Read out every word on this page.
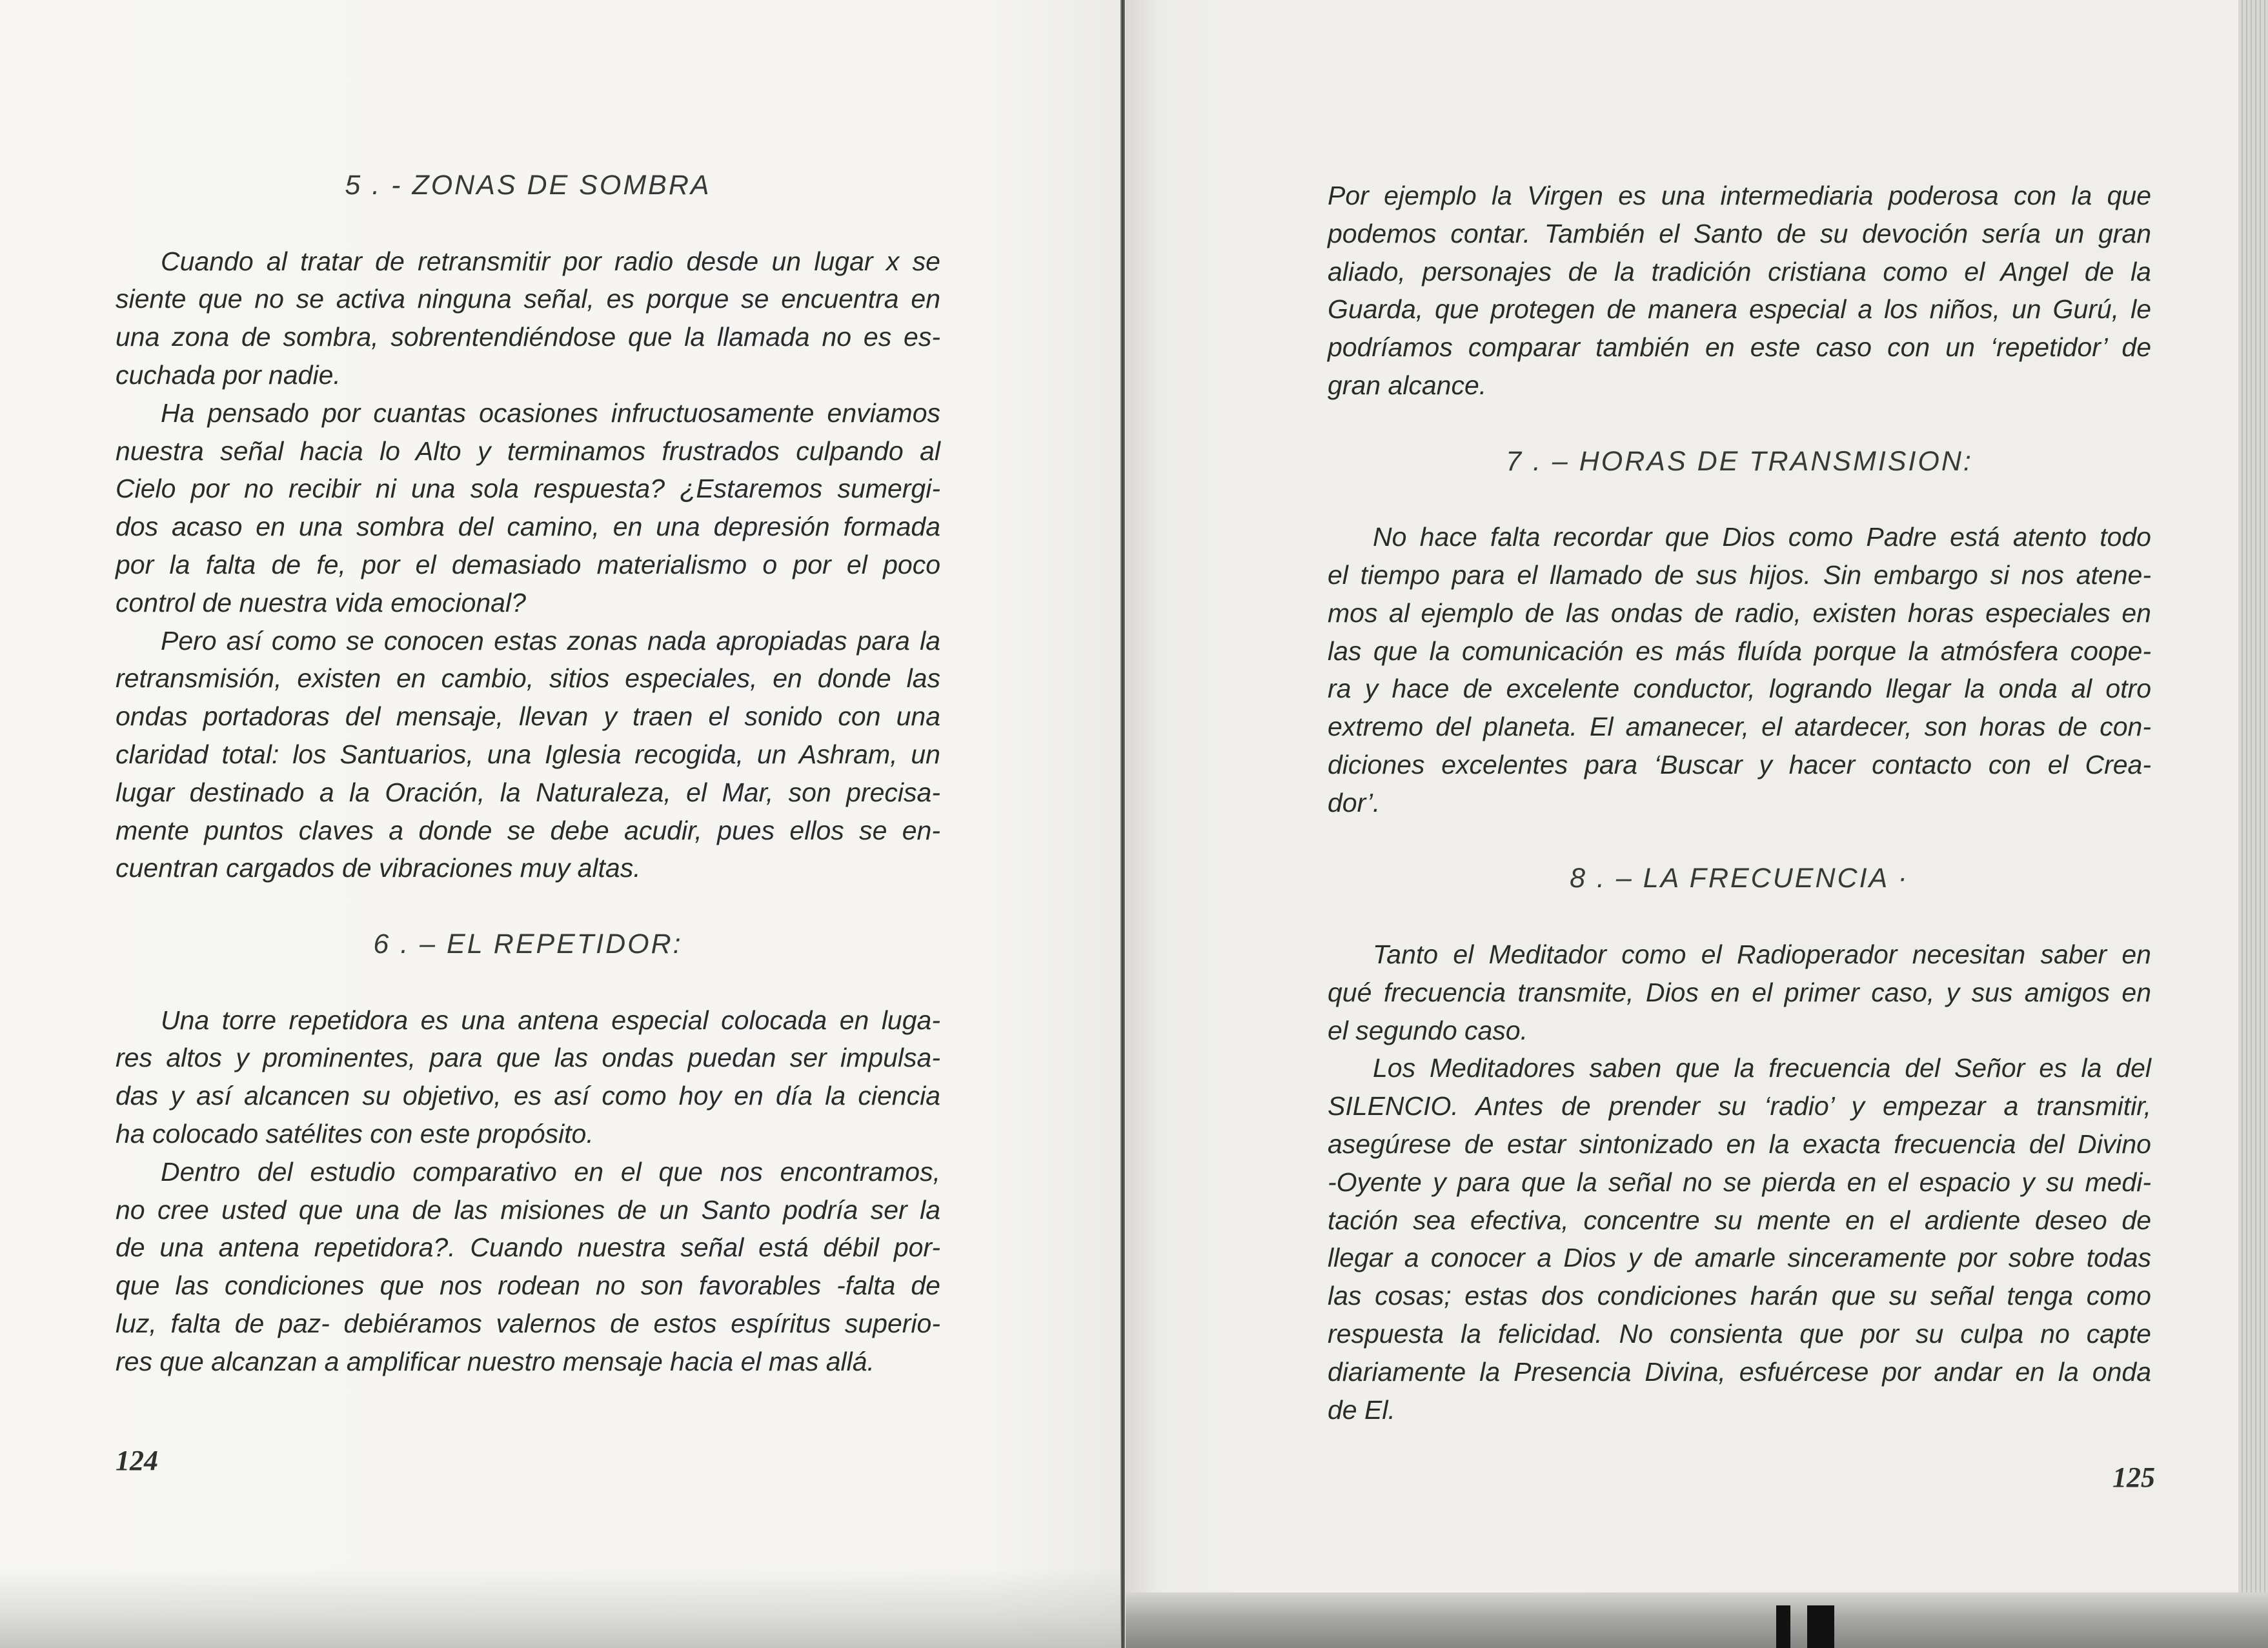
5 . - ZONAS DE SOMBRA
Cuando al tratar de retransmitir por radio desde un lugar x se
siente que no se activa ninguna señal, es porque se encuentra en
una zona de sombra, sobrentendiéndose que la llamada no es es-
cuchada por nadie.
Ha pensado por cuantas ocasiones infructuosamente enviamos
nuestra señal hacia lo Alto y terminamos frustrados culpando al
Cielo por no recibir ni una sola respuesta? ¿Estaremos sumergi-
dos acaso en una sombra del camino, en una depresión formada
por la falta de fe, por el demasiado materialismo o por el poco
control de nuestra vida emocional?
Pero así como se conocen estas zonas nada apropiadas para la
retransmisión, existen en cambio, sitios especiales, en donde las
ondas portadoras del mensaje, llevan y traen el sonido con una
claridad total: los Santuarios, una Iglesia recogida, un Ashram, un
lugar destinado a la Oración, la Naturaleza, el Mar, son precisa-
mente puntos claves a donde se debe acudir, pues ellos se en-
cuentran cargados de vibraciones muy altas.
6 . – EL REPETIDOR:
Una torre repetidora es una antena especial colocada en luga-
res altos y prominentes, para que las ondas puedan ser impulsa-
das y así alcancen su objetivo, es así como hoy en día la ciencia
ha colocado satélites con este propósito.
Dentro del estudio comparativo en el que nos encontramos,
no cree usted que una de las misiones de un Santo podría ser la
de una antena repetidora?. Cuando nuestra señal está débil por-
que las condiciones que nos rodean no son favorables -falta de
luz, falta de paz- debiéramos valernos de estos espíritus superio-
res que alcanzan a amplificar nuestro mensaje hacia el mas allá.
Por ejemplo la Virgen es una intermediaria poderosa con la que
podemos contar. También el Santo de su devoción sería un gran
aliado, personajes de la tradición cristiana como el Angel de la
Guarda, que protegen de manera especial a los niños, un Gurú, le
podríamos comparar también en este caso con un ‘repetidor’ de
gran alcance.
7 . – HORAS DE TRANSMISION:
No hace falta recordar que Dios como Padre está atento todo
el tiempo para el llamado de sus hijos. Sin embargo si nos atene-
mos al ejemplo de las ondas de radio, existen horas especiales en
las que la comunicación es más fluída porque la atmósfera coope-
ra y hace de excelente conductor, logrando llegar la onda al otro
extremo del planeta. El amanecer, el atardecer, son horas de con-
diciones excelentes para ‘Buscar y hacer contacto con el Crea-
dor’.
8 . – LA FRECUENCIA ·
Tanto el Meditador como el Radioperador necesitan saber en
qué frecuencia transmite, Dios en el primer caso, y sus amigos en
el segundo caso.
Los Meditadores saben que la frecuencia del Señor es la del
SILENCIO. Antes de prender su ‘radio’ y empezar a transmitir,
asegúrese de estar sintonizado en la exacta frecuencia del Divino
-Oyente y para que la señal no se pierda en el espacio y su medi-
tación sea efectiva, concentre su mente en el ardiente deseo de
llegar a conocer a Dios y de amarle sinceramente por sobre todas
las cosas; estas dos condiciones harán que su señal tenga como
respuesta la felicidad. No consienta que por su culpa no capte
diariamente la Presencia Divina, esfuércese por andar en la onda
de El.
124
125
